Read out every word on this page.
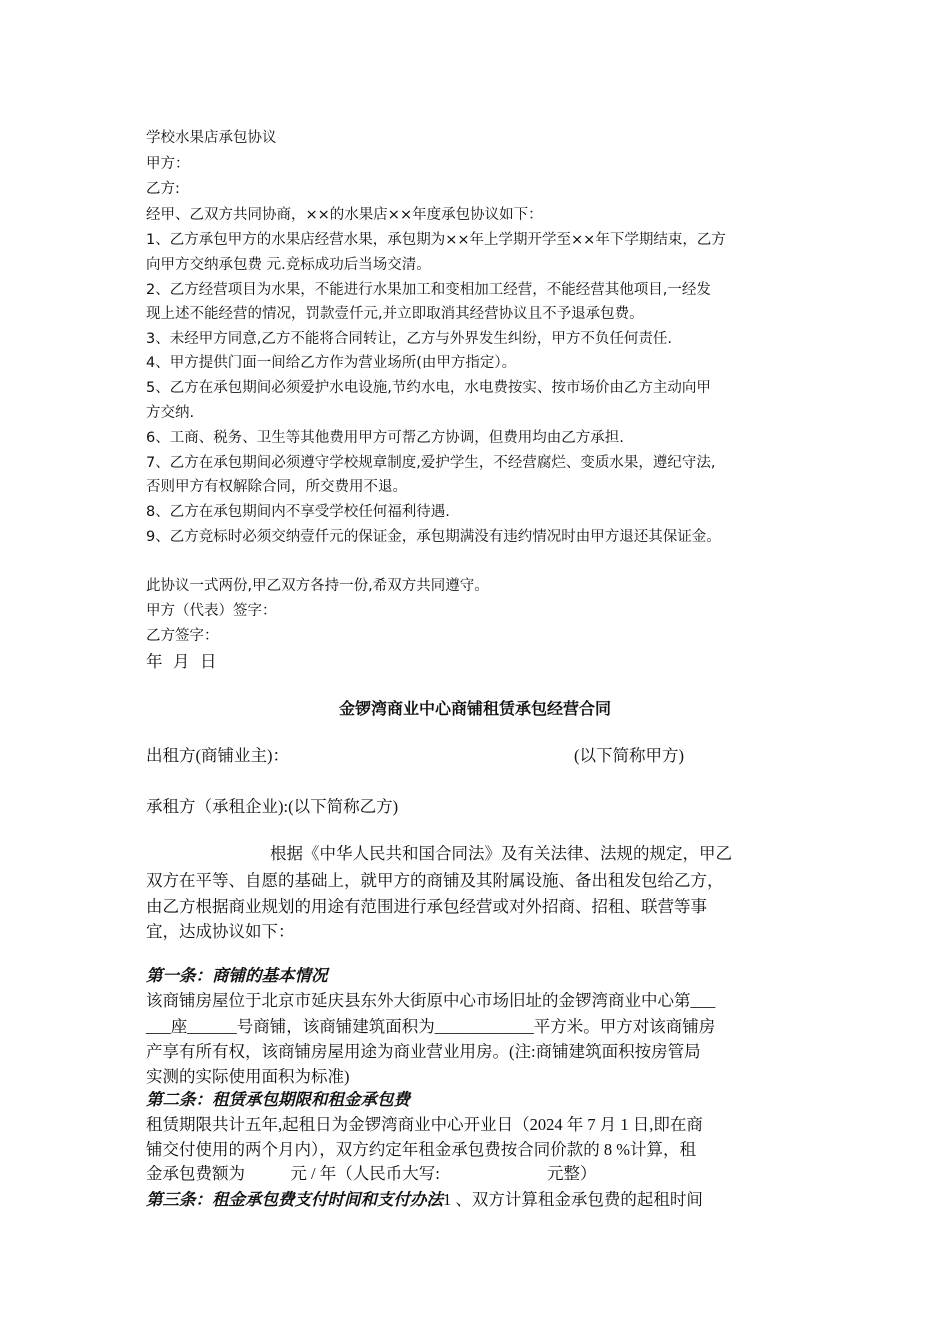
学校水果店承包协议
甲方：
乙方:
经甲、乙双方共同协商，××的水果店××年度承包协议如下：
1、乙方承包甲方的水果店经营水果，承包期为××年上学期开学至××年下学期结束，乙方
向甲方交纳承包费 元.竞标成功后当场交清。
2、乙方经营项目为水果，不能进行水果加工和变相加工经营，不能经营其他项目,一经发
现上述不能经营的情况，罚款壹仟元,并立即取消其经营协议且不予退承包费。
3、未经甲方同意,乙方不能将合同转让，乙方与外界发生纠纷，甲方不负任何责任.
4、甲方提供门面一间给乙方作为营业场所(由甲方指定）。
5、乙方在承包期间必须爱护水电设施,节约水电，水电费按实、按市场价由乙方主动向甲
方交纳.
6、工商、税务、卫生等其他费用甲方可帮乙方协调，但费用均由乙方承担.
7、乙方在承包期间必须遵守学校规章制度,爱护学生，不经营腐烂、变质水果，遵纪守法,
否则甲方有权解除合同，所交费用不退。
8、乙方在承包期间内不享受学校任何福利待遇.
9、乙方竞标时必须交纳壹仟元的保证金，承包期满没有违约情况时由甲方退还其保证金。
此协议一式两份,甲乙双方各持一份,希双方共同遵守。
甲方（代表）签字：
乙方签字：
年  月  日
金锣湾商业中心商铺租赁承包经营合同
出租方(商铺业主)：	(以下简称甲方)
承租方（承租企业):(以下简称乙方)
根据《中华人民共和国合同法》及有关法律、法规的规定，甲乙
双方在平等、自愿的基础上，就甲方的商铺及其附属设施、备出租发包给乙方，
由乙方根据商业规划的用途有范围进行承包经营或对外招商、招租、联营等事
宜，达成协议如下：
第一条：商铺的基本情况
该商铺房屋位于北京市延庆县东外大街原中心市场旧址的金锣湾商业中心第___
___座______号商铺，该商铺建筑面积为____________平方米。甲方对该商铺房
产享有所有权，该商铺房屋用途为商业营业用房。(注:商铺建筑面积按房管局
实测的实际使用面积为标准)
第二条：租赁承包期限和租金承包费
租赁期限共计五年,起租日为金锣湾商业中心开业日（2024 年 7 月 1 日,即在商
铺交付使用的两个月内），双方约定年租金承包费按合同价款的 8 %计算，租
金承包费额为           元 / 年（人民币大写:                          元整）
第三条：租金承包费支付时间和支付办法1 、双方计算租金承包费的起租时间
